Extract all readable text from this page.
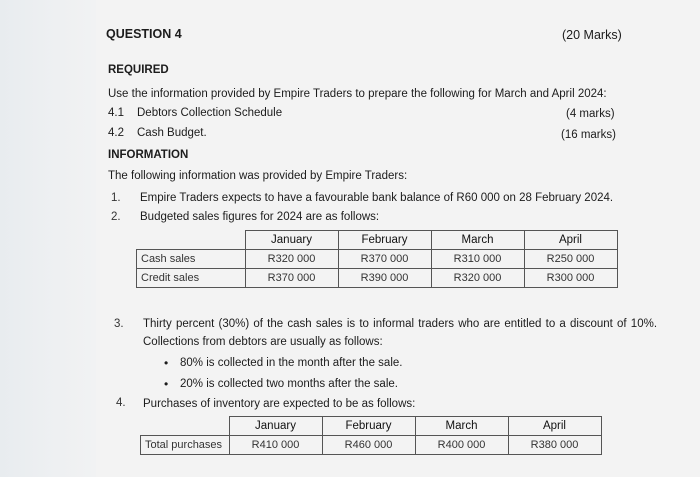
QUESTION 4	(20 Marks)
REQUIRED
Use the information provided by Empire Traders to prepare the following for March and April 2024:
4.1 Debtors Collection Schedule	(4 marks)
4.2 Cash Budget.	(16 marks)
INFORMATION
The following information was provided by Empire Traders:
1. Empire Traders expects to have a favourable bank balance of R60 000 on 28 February 2024.
2. Budgeted sales figures for 2024 are as follows:
	January	February	March	April
Cash sales	R320 000	R370 000	R310 000	R250 000
Credit sales	R370 000	R390 000	R320 000	R300 000
3. Thirty percent (30%) of the cash sales is to informal traders who are entitled to a discount of 10%.
Collections from debtors are usually as follows:
• 80% is collected in the month after the sale.
• 20% is collected two months after the sale.
4. Purchases of inventory are expected to be as follows:
	January	February	March	April
Total purchases	R410 000	R460 000	R400 000	R380 000
